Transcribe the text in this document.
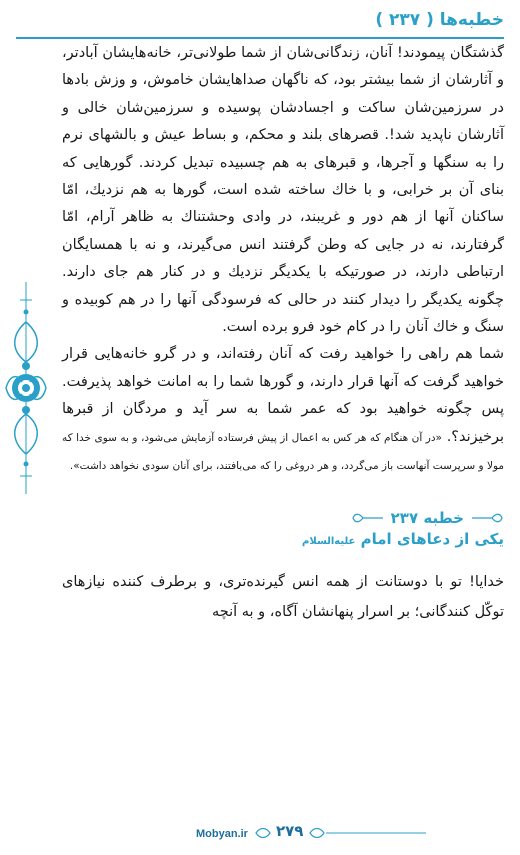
خطبه‌ها ( ۲۳۷ )

گذشتگان پیمودند! آنان، زندگانی‌شان از شما طولانی‌تر، خانه‌هایشان آبادتر، و آثارشان از شما بیشتر بود، که ناگهان صداهایشان خاموش، و وزش بادها در سرزمین‌شان ساکت و اجسادشان پوسیده و سرزمین‌شان خالی و آثارشان ناپدید شد!. قصرهای بلند و محکم، و بساط عیش و بالشهای نرم را به سنگها و آجرها، و قبرهای به هم چسبیده تبدیل کردند. گورهایی که بنای آن بر خرابی، و با خاك ساخته شده است، گورها به هم نزدیك، امّا ساکنان آنها از هم دور و غریبند، در وادی وحشتناك به ظاهر آرام، امّا گرفتارند، نه در جایی که وطن گرفتند انس می‌گیرند، و نه با همسایگان ارتباطی دارند، در صورتیکه با یکدیگر نزدیك و در کنار هم جای دارند. چگونه یکدیگر را دیدار کنند در حالی که فرسودگی آنها را در هم کوبیده و سنگ و خاك آنان را در کام خود فرو برده است.

شما هم راهی را خواهید رفت که آنان رفته‌اند، و در گرو خانه‌هایی قرار خواهید گرفت که آنها قرار دارند، و گورها شما را به امانت خواهد پذیرفت. پس چگونه خواهید بود که عمر شما به سر آید و مردگان از قبرها برخیزند؟. «در آن هنگام که هر کس به اعمال از پیش فرستاده آزمایش می‌شود، و به سوی خدا که مولا و سرپرست آنهاست باز می‌گردد، و هر دروغی را که می‌بافتند، برای آنان سودی نخواهد داشت».

خطبه ۲۳۷
یکی از دعاهای امام علیه‌السلام

خدایا! تو با دوستانت از همه انس گیرنده‌تری، و برطرف کننده نیازهای توکّل کنندگانی؛ بر اسرار پنهانشان آگاه، و به آنچه

Mobyan.ir ۲۷۹
